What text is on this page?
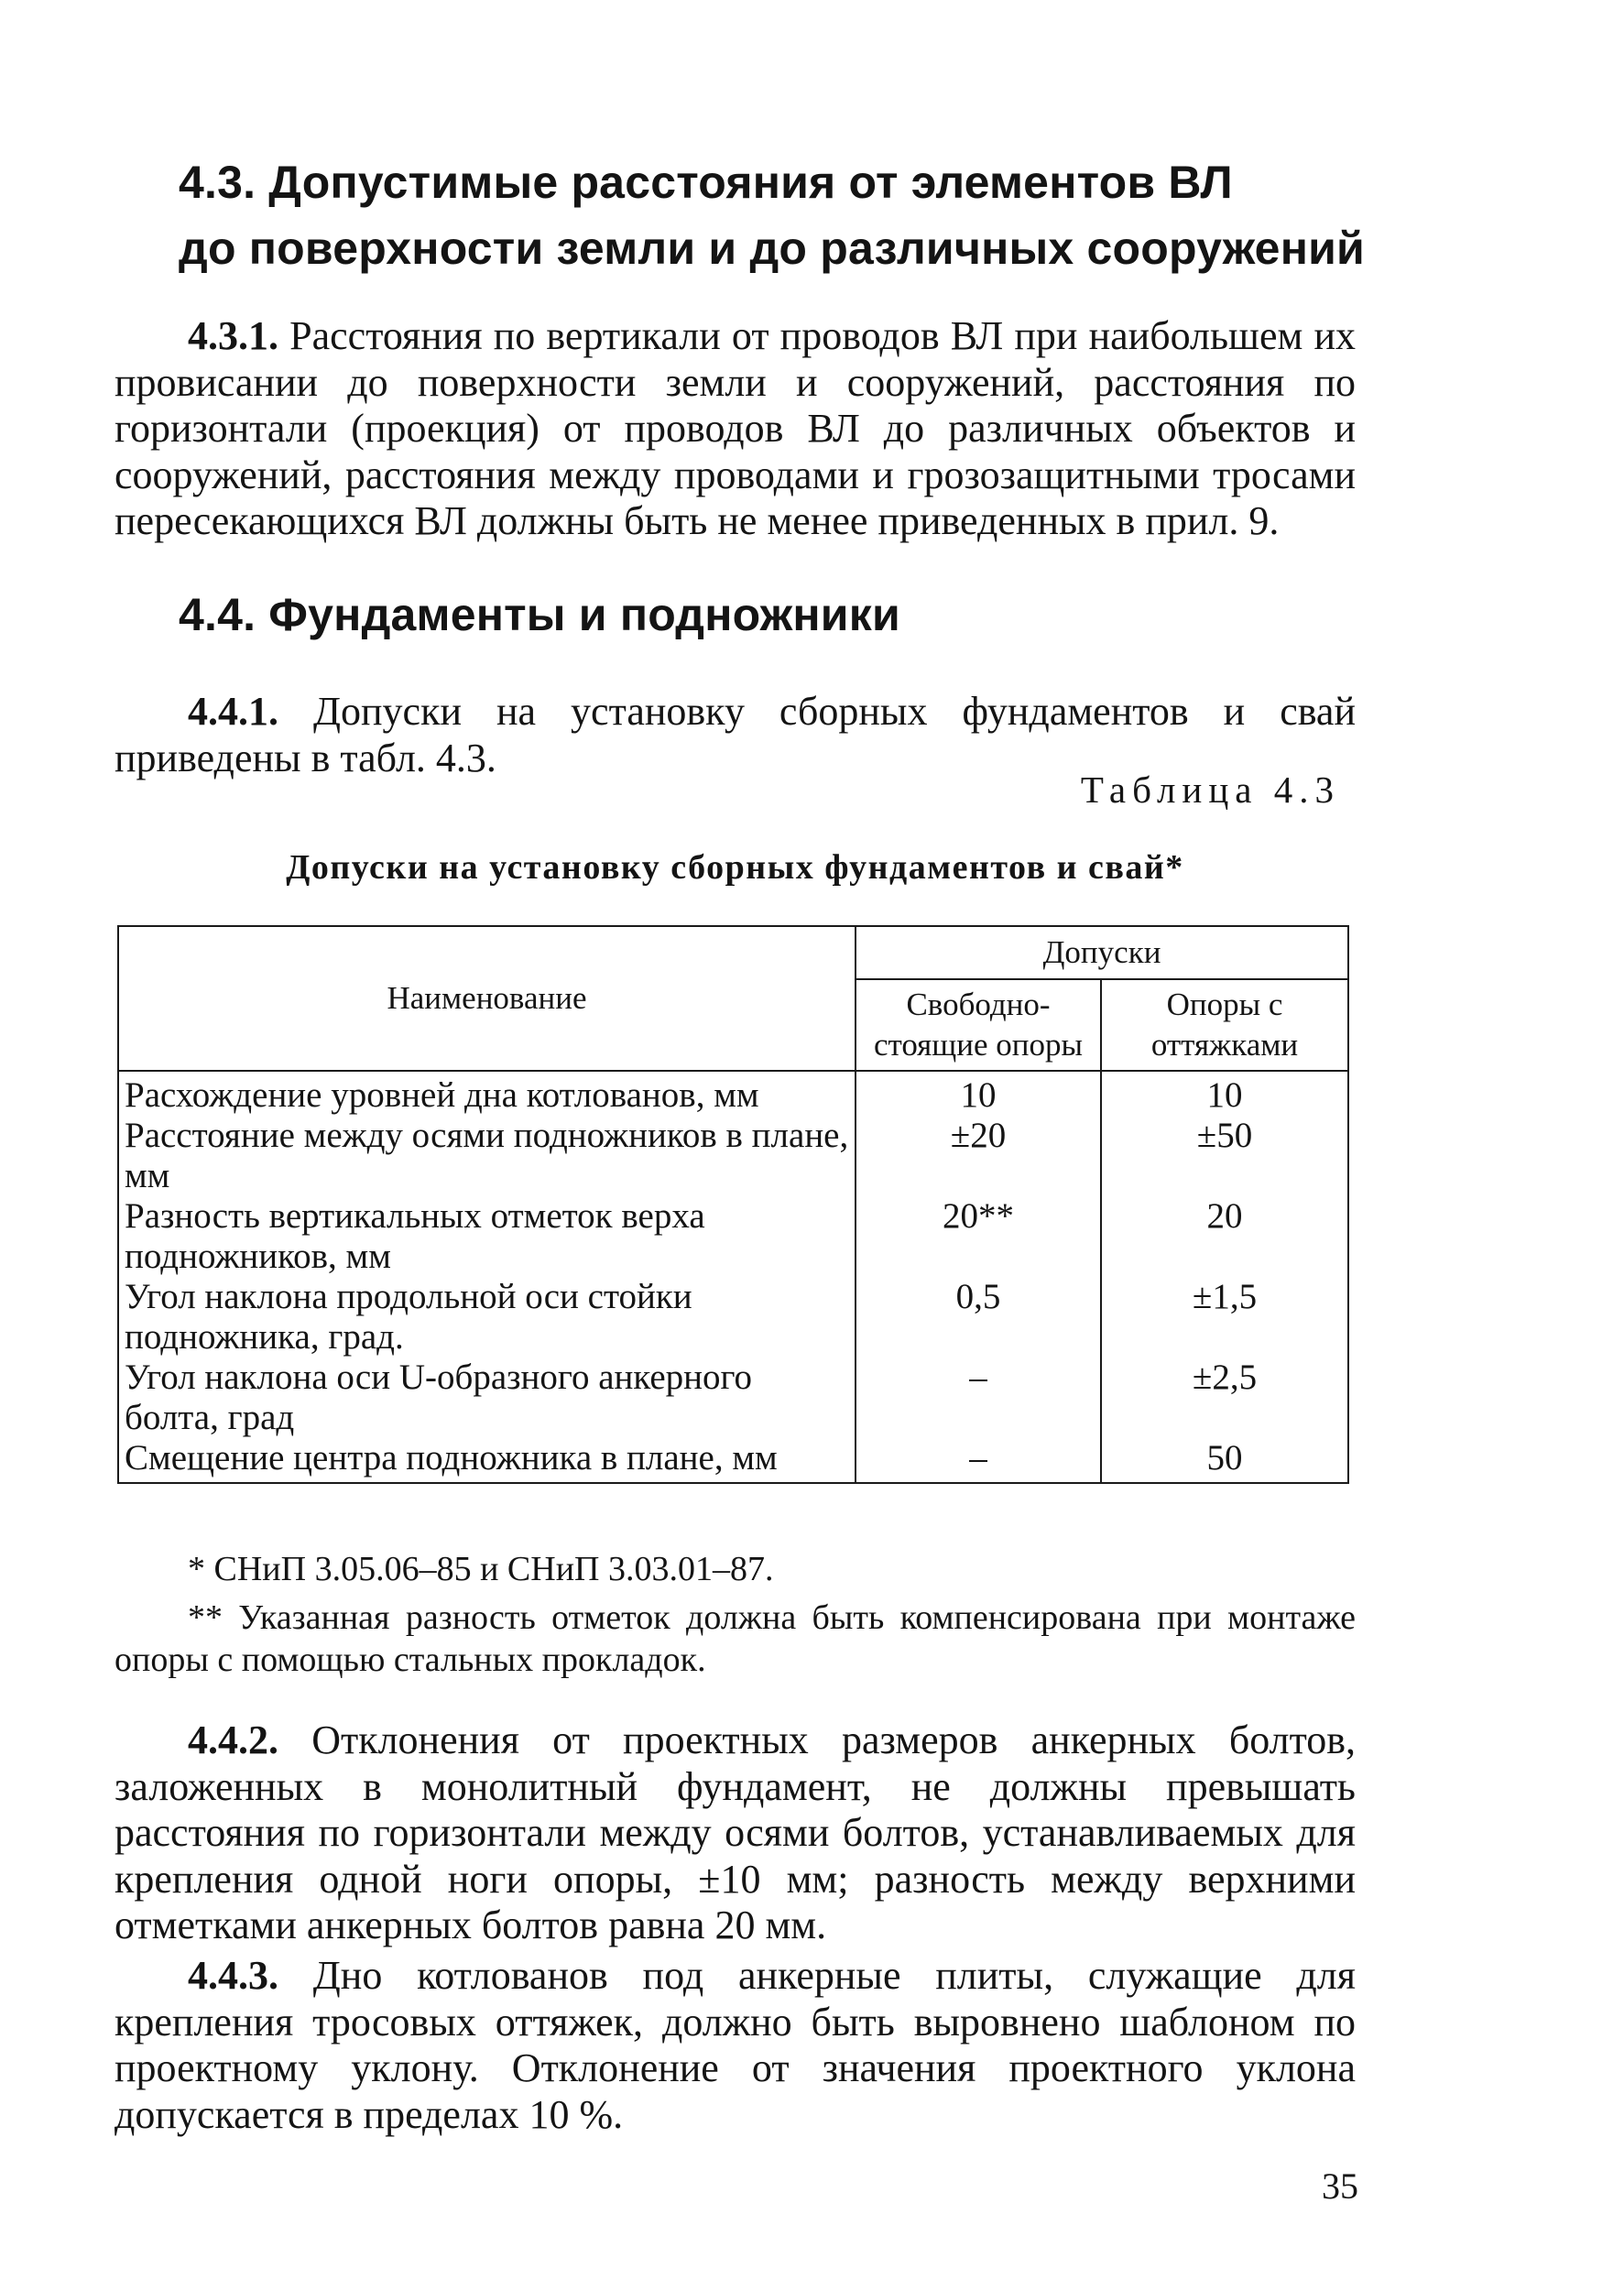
4.3. Допустимые расстояния от элементов ВЛ
до поверхности земли и до различных сооружений

4.3.1. Расстояния по вертикали от проводов ВЛ при наибольшем их провисании до поверхности земли и сооружений, расстояния по горизонтали (проекция) от проводов ВЛ до различных объектов и сооружений, расстояния между проводами и грозозащитными тросами пересекающихся ВЛ должны быть не менее приведенных в прил. 9.

4.4. Фундаменты и подножники

4.4.1. Допуски на установку сборных фундаментов и свай приведены в табл. 4.3.

Таблица 4.3
Допуски на установку сборных фундаментов и свай*
Наименование	Допуски	
	Свободно-стоящие опоры	Опоры с оттяжками
Расхождение уровней дна котлованов, мм	10	10
Расстояние между осями подножников в плане, мм	±20	±50
Разность вертикальных отметок верха подножников, мм	20**	20
Угол наклона продольной оси стойки подножника, град.	0,5	±1,5
Угол наклона оси U-образного анкерного болта, град	–	±2,5
Смещение центра подножника в плане, мм	–	50

* СНиП 3.05.06–85 и СНиП 3.03.01–87.

** Указанная разность отметок должна быть компенсирована при монтаже опоры с помощью стальных прокладок.

4.4.2. Отклонения от проектных размеров анкерных болтов, заложенных в монолитный фундамент, не должны превышать расстояния по горизонтали между осями болтов, устанавливаемых для крепления одной ноги опоры, ±10 мм; разность между верхними отметками анкерных болтов равна 20 мм.

4.4.3. Дно котлованов под анкерные плиты, служащие для крепления тросовых оттяжек, должно быть выровнено шаблоном по проектному уклону. Отклонение от значения проектного уклона допускается в пределах 10 %.

35
